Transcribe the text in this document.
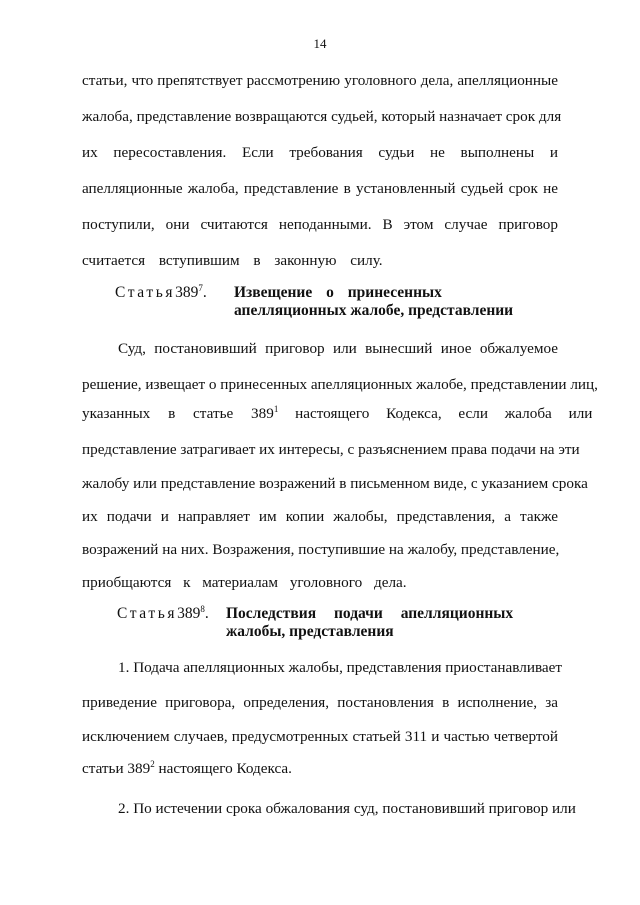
14
статьи, что препятствует рассмотрению уголовного дела, апелляционные
жалоба, представление возвращаются судьей, который назначает срок для
их пересоставления. Если требования судьи не выполнены и
апелляционные жалоба, представление в установленный судьей срок не
поступили, они считаются неподанными. В этом случае приговор
считается вступившим в законную силу.
$Статья389^7$. Извещение о принесенных
апелляционных жалобе, представлении
Суд, постановивший приговор или вынесший иное обжалуемое
решение, извещает о принесенных апелляционных жалобе, представлении лиц,
указанных в статье $389^1$ настоящего Кодекса, если жалоба или
представление затрагивает их интересы, с разъяснением права подачи на эти
жалобу или представление возражений в письменном виде, с указанием срока
их подачи и направляет им копии жалобы, представления, а также
возражений на них. Возражения, поступившие на жалобу, представление,
приобщаются к материалам уголовного дела.
$Статья389^8$. Последствия подачи апелляционных
жалобы, представления
1. Подача апелляционных жалобы, представления приостанавливает
приведение приговора, определения, постановления в исполнение, за
исключением случаев, предусмотренных статьей 311 и частью четвертой
статьи $389^2$ настоящего Кодекса.
2. По истечении срока обжалования суд, постановивший приговор или
